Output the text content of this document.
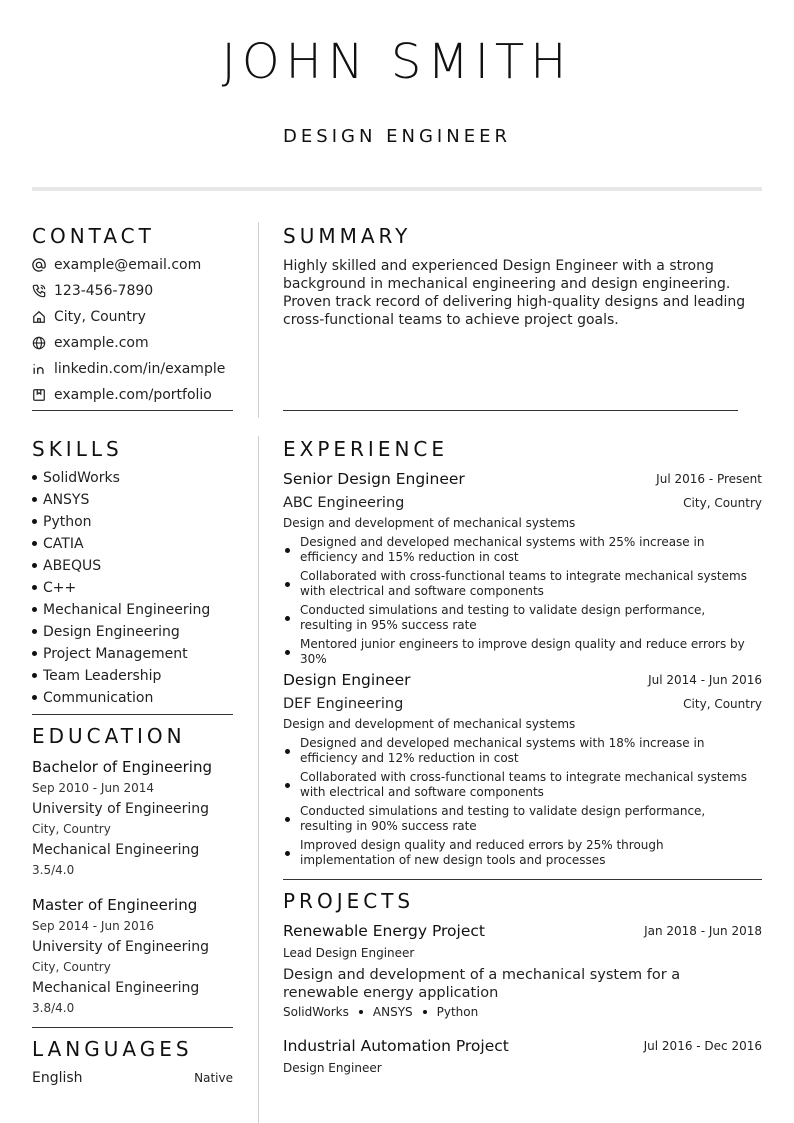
JOHN SMITH
DESIGN ENGINEER
CONTACT
example@email.com
123-456-7890
City, Country
example.com
linkedin.com/in/example
example.com/portfolio
SKILLS
SolidWorks
ANSYS
Python
CATIA
ABEQUS
C++
Mechanical Engineering
Design Engineering
Project Management
Team Leadership
Communication
EDUCATION
Bachelor of Engineering
Sep 2010 - Jun 2014
University of Engineering
City, Country
Mechanical Engineering
3.5/4.0
Master of Engineering
Sep 2014 - Jun 2016
University of Engineering
City, Country
Mechanical Engineering
3.8/4.0
LANGUAGES
English	Native
SUMMARY
Highly skilled and experienced Design Engineer with a strong background in mechanical engineering and design engineering. Proven track record of delivering high-quality designs and leading cross-functional teams to achieve project goals.
EXPERIENCE
Senior Design Engineer	Jul 2016 - Present
ABC Engineering	City, Country
Design and development of mechanical systems
Designed and developed mechanical systems with 25% increase in efficiency and 15% reduction in cost
Collaborated with cross-functional teams to integrate mechanical systems with electrical and software components
Conducted simulations and testing to validate design performance, resulting in 95% success rate
Mentored junior engineers to improve design quality and reduce errors by 30%
Design Engineer	Jul 2014 - Jun 2016
DEF Engineering	City, Country
Design and development of mechanical systems
Designed and developed mechanical systems with 18% increase in efficiency and 12% reduction in cost
Collaborated with cross-functional teams to integrate mechanical systems with electrical and software components
Conducted simulations and testing to validate design performance, resulting in 90% success rate
Improved design quality and reduced errors by 25% through implementation of new design tools and processes
PROJECTS
Renewable Energy Project	Jan 2018 - Jun 2018
Lead Design Engineer
Design and development of a mechanical system for a renewable energy application
SolidWorks ANSYS Python
Industrial Automation Project	Jul 2016 - Dec 2016
Design Engineer
